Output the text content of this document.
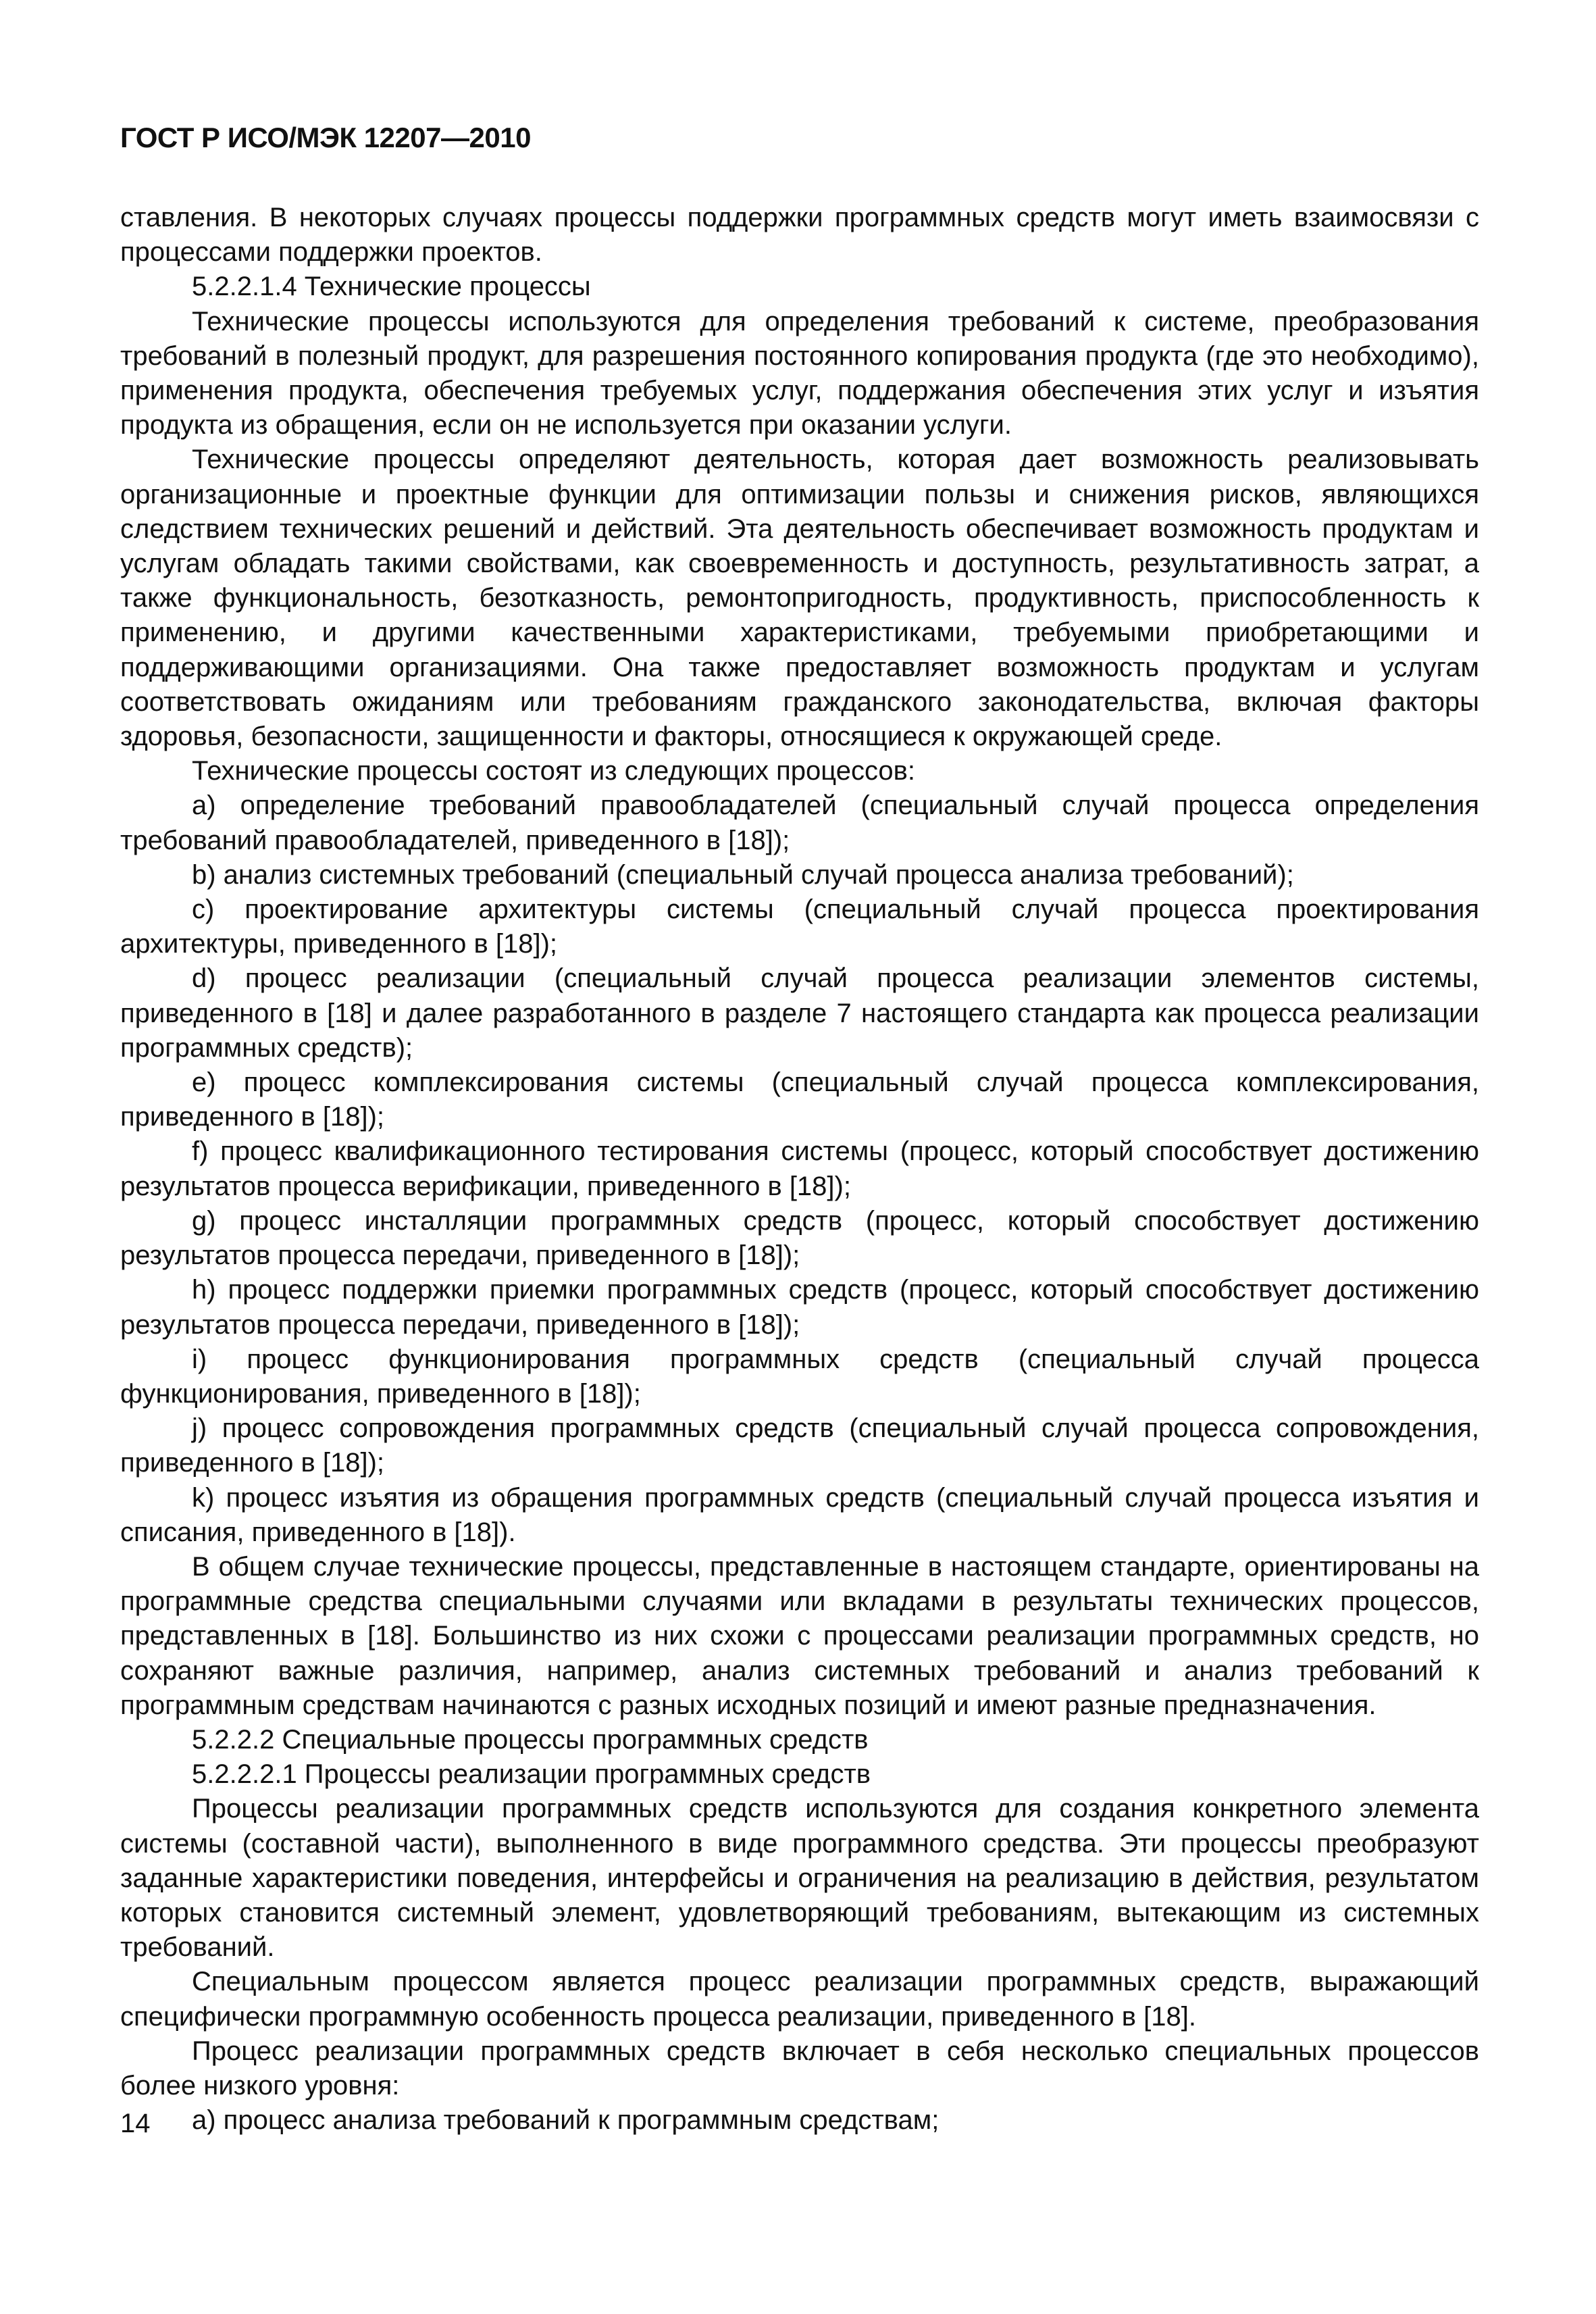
ГОСТ Р ИСО/МЭК 12207—2010

ставления. В некоторых случаях процессы поддержки программных средств могут иметь взаимосвязи с процессами поддержки проектов.

5.2.2.1.4 Технические процессы

Технические процессы используются для определения требований к системе, преобразования требований в полезный продукт, для разрешения постоянного копирования продукта (где это необходимо), применения продукта, обеспечения требуемых услуг, поддержания обеспечения этих услуг и изъятия продукта из обращения, если он не используется при оказании услуги.

Технические процессы определяют деятельность, которая дает возможность реализовывать организационные и проектные функции для оптимизации пользы и снижения рисков, являющихся следствием технических решений и действий. Эта деятельность обеспечивает возможность продуктам и услугам обладать такими свойствами, как своевременность и доступность, результативность затрат, а также функциональность, безотказность, ремонтопригодность, продуктивность, приспособленность к применению, и другими качественными характеристиками, требуемыми приобретающими и поддерживающими организациями. Она также предоставляет возможность продуктам и услугам соответствовать ожиданиям или требованиям гражданского законодательства, включая факторы здоровья, безопасности, защищенности и факторы, относящиеся к окружающей среде.

Технические процессы состоят из следующих процессов:

a) определение требований правообладателей (специальный случай процесса определения требований правообладателей, приведенного в [18]);

b) анализ системных требований (специальный случай процесса анализа требований);

c) проектирование архитектуры системы (специальный случай процесса проектирования архитектуры, приведенного в [18]);

d) процесс реализации (специальный случай процесса реализации элементов системы, приведенного в [18] и далее разработанного в разделе 7 настоящего стандарта как процесса реализации программных средств);

e) процесс комплексирования системы (специальный случай процесса комплексирования, приведенного в [18]);

f) процесс квалификационного тестирования системы (процесс, который способствует достижению результатов процесса верификации, приведенного в [18]);

g) процесс инсталляции программных средств (процесс, который способствует достижению результатов процесса передачи, приведенного в [18]);

h) процесс поддержки приемки программных средств (процесс, который способствует достижению результатов процесса передачи, приведенного в [18]);

i) процесс функционирования программных средств (специальный случай процесса функционирования, приведенного в [18]);

j) процесс сопровождения программных средств (специальный случай процесса сопровождения, приведенного в [18]);

k) процесс изъятия из обращения программных средств (специальный случай процесса изъятия и списания, приведенного в [18]).

В общем случае технические процессы, представленные в настоящем стандарте, ориентированы на программные средства специальными случаями или вкладами в результаты технических процессов, представленных в [18]. Большинство из них схожи с процессами реализации программных средств, но сохраняют важные различия, например, анализ системных требований и анализ требований к программным средствам начинаются с разных исходных позиций и имеют разные предназначения.

5.2.2.2 Специальные процессы программных средств

5.2.2.2.1 Процессы реализации программных средств

Процессы реализации программных средств используются для создания конкретного элемента системы (составной части), выполненного в виде программного средства. Эти процессы преобразуют заданные характеристики поведения, интерфейсы и ограничения на реализацию в действия, результатом которых становится системный элемент, удовлетворяющий требованиям, вытекающим из системных требований.

Специальным процессом является процесс реализации программных средств, выражающий специфически программную особенность процесса реализации, приведенного в [18].

Процесс реализации программных средств включает в себя несколько специальных процессов более низкого уровня:

a) процесс анализа требований к программным средствам;

14
